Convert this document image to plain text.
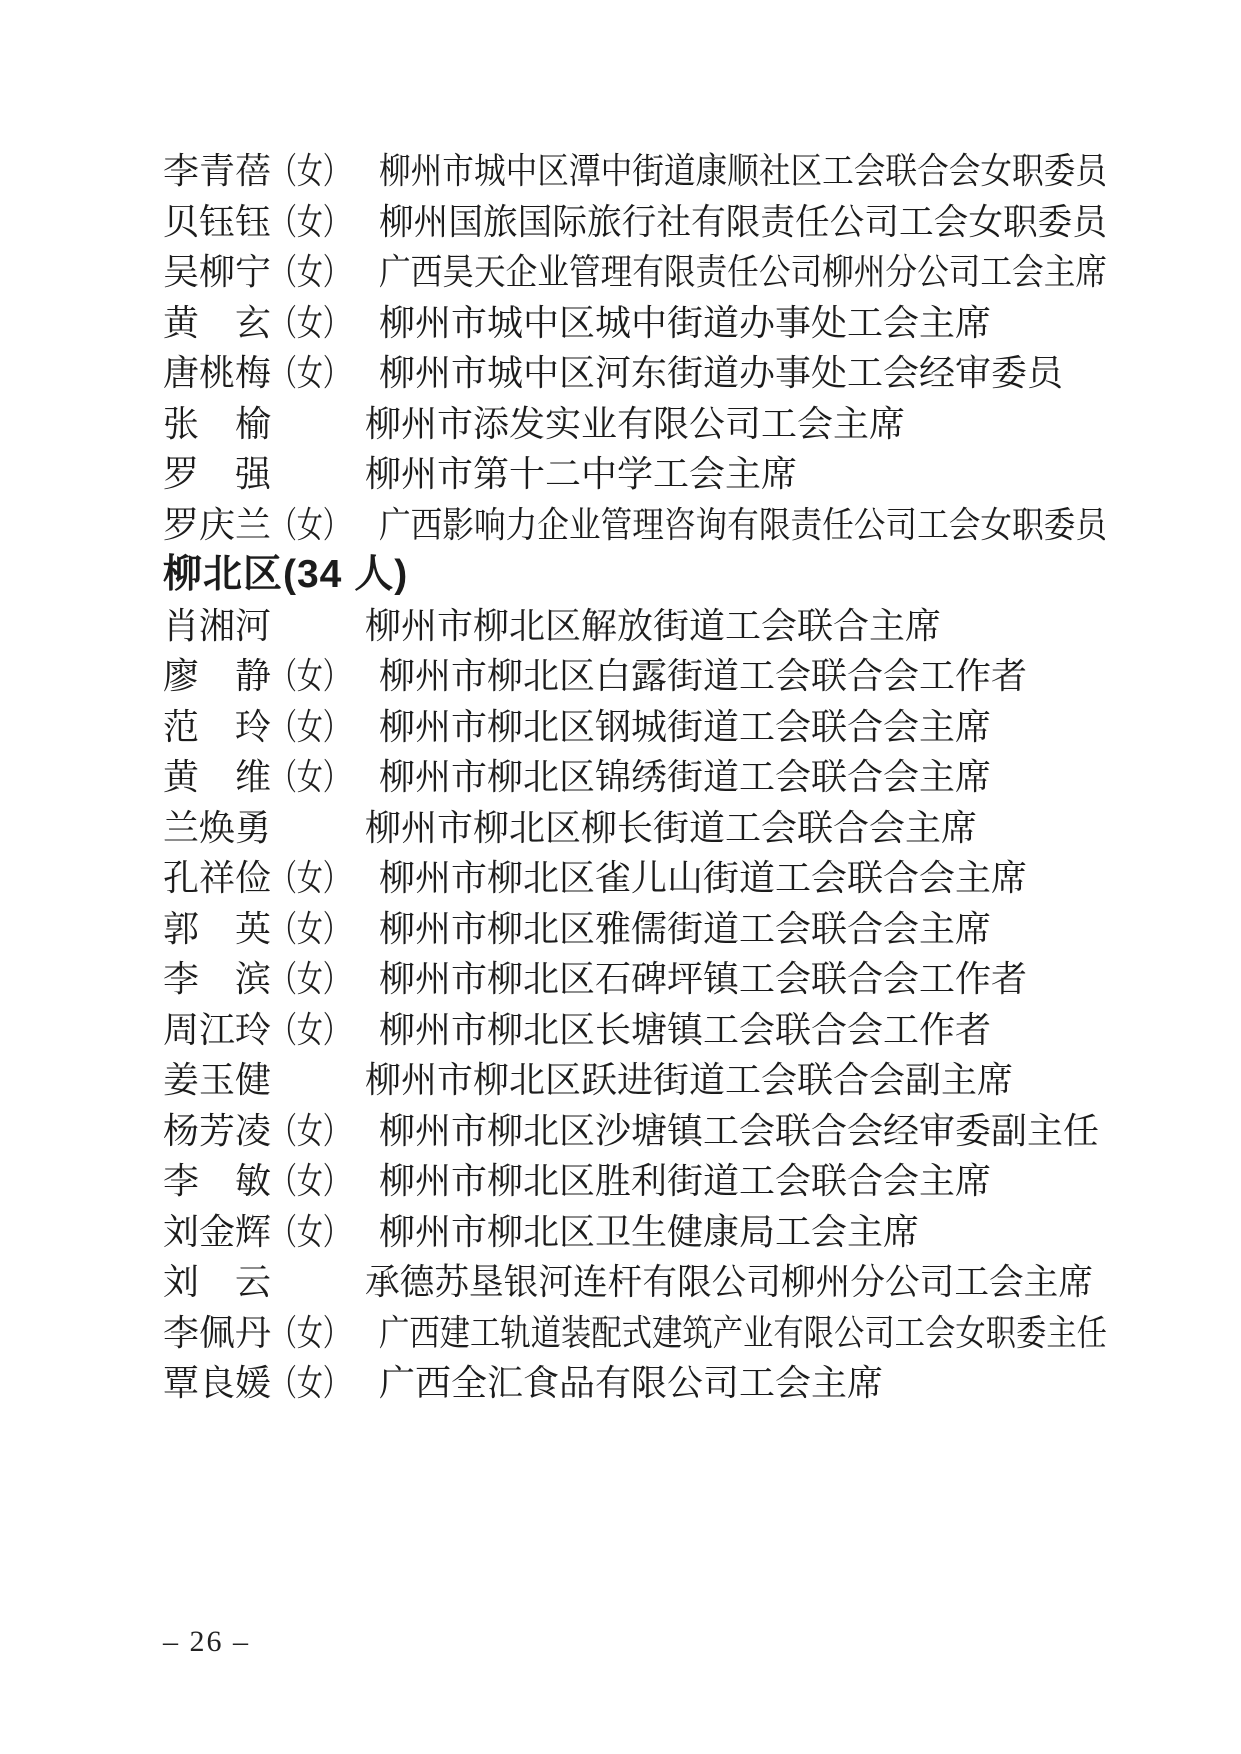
李青蓓 （女） 柳州市城中区潭中街道康顺社区工会联合会女职委员
贝钰钰 （女） 柳州国旅国际旅行社有限责任公司工会女职委员
吴柳宁 （女） 广西昊天企业管理有限责任公司柳州分公司工会主席
黄　玄 （女） 柳州市城中区城中街道办事处工会主席
唐桃梅 （女） 柳州市城中区河东街道办事处工会经审委员
张　榆	柳州市添发实业有限公司工会主席
罗　强	柳州市第十二中学工会主席
罗庆兰 （女） 广西影响力企业管理咨询有限责任公司工会女职委员
柳北区(34 人)
肖湘河	柳州市柳北区解放街道工会联合主席
廖　静 （女） 柳州市柳北区白露街道工会联合会工作者
范　玲 （女） 柳州市柳北区钢城街道工会联合会主席
黄　维 （女） 柳州市柳北区锦绣街道工会联合会主席
兰焕勇	柳州市柳北区柳长街道工会联合会主席
孔祥俭 （女） 柳州市柳北区雀儿山街道工会联合会主席
郭　英 （女） 柳州市柳北区雅儒街道工会联合会主席
李　滨 （女） 柳州市柳北区石碑坪镇工会联合会工作者
周江玲 （女） 柳州市柳北区长塘镇工会联合会工作者
姜玉健	柳州市柳北区跃进街道工会联合会副主席
杨芳凌 （女） 柳州市柳北区沙塘镇工会联合会经审委副主任
李　敏 （女） 柳州市柳北区胜利街道工会联合会主席
刘金辉 （女） 柳州市柳北区卫生健康局工会主席
刘　云	承德苏垦银河连杆有限公司柳州分公司工会主席
李佩丹 （女） 广西建工轨道装配式建筑产业有限公司工会女职委主任
覃良媛 （女） 广西全汇食品有限公司工会主席
– 26 –
